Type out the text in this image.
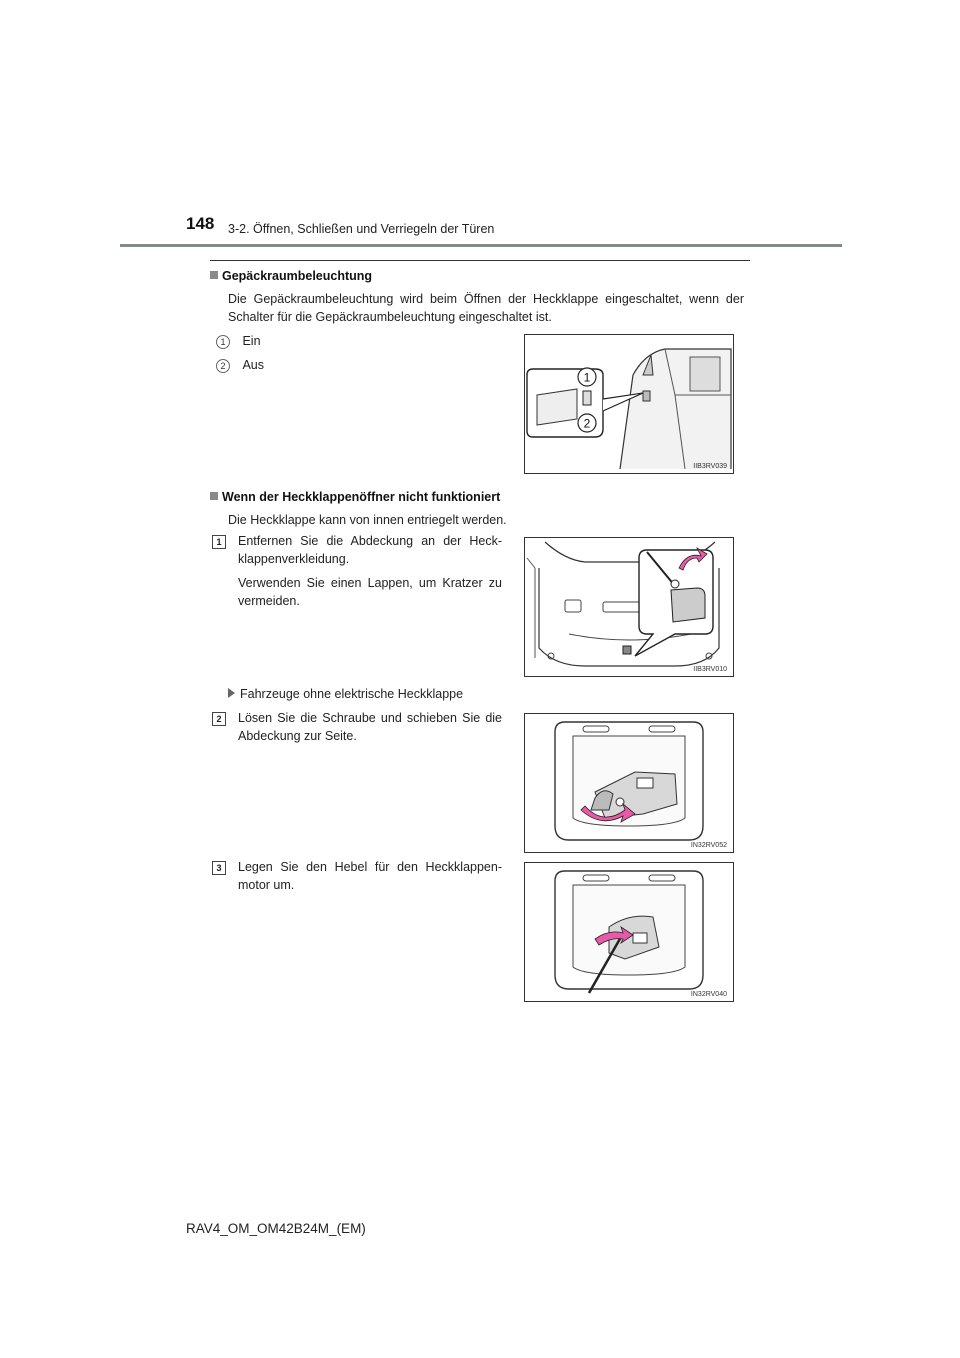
148 3-2. Öffnen, Schließen und Verriegeln der Türen
Gepäckraumbeleuchtung
Die Gepäckraumbeleuchtung wird beim Öffnen der Heckklappe eingeschaltet, wenn der Schalter für die Gepäckraumbeleuchtung eingeschaltet ist.
1 Ein
2 Aus
1
2
IIB3RV039
Wenn der Heckklappenöffner nicht funktioniert
Die Heckklappe kann von innen entriegelt werden.
1	Entfernen Sie die Abdeckung an der Heck-klappenverkleidung.
Verwenden Sie einen Lappen, um Kratzer zu vermeiden.
IIB3RV010
Fahrzeuge ohne elektrische Heckklappe
2	Lösen Sie die Schraube und schieben Sie die Abdeckung zur Seite.
IN32RV052
3	Legen Sie den Hebel für den Heckklappen-motor um.
IN32RV040
RAV4_OM_OM42B24M_(EM)
